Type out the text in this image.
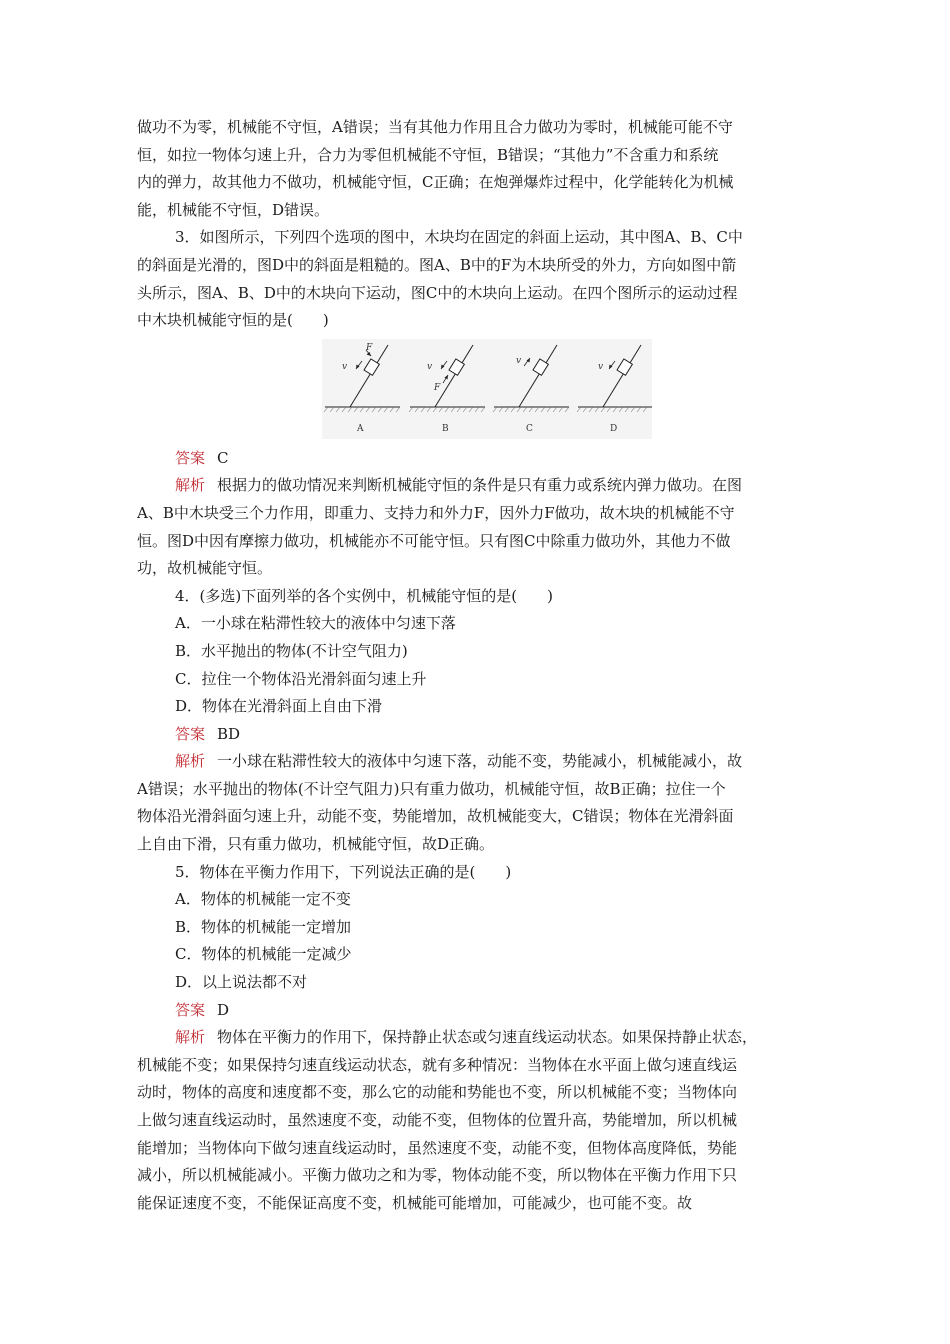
做功不为零，机械能不守恒，A错误；当有其他力作用且合力做功为零时，机械能可能不守
恒，如拉一物体匀速上升，合力为零但机械能不守恒，B错误；“其他力”不含重力和系统
内的弹力，故其他力不做功，机械能守恒，C正确；在炮弹爆炸过程中，化学能转化为机械
能，机械能不守恒，D错误。
3．如图所示，下列四个选项的图中，木块均在固定的斜面上运动，其中图A、B、C中
的斜面是光滑的，图D中的斜面是粗糙的。图A、B中的F为木块所受的外力，方向如图中箭
头所示，图A、B、D中的木块向下运动，图C中的木块向上运动。在四个图所示的运动过程
中木块机械能守恒的是(　　)
v
F
v
F
v
v
A	B	C	D
答案 C
解析 根据力的做功情况来判断机械能守恒的条件是只有重力或系统内弹力做功。在图
A、B中木块受三个力作用，即重力、支持力和外力F，因外力F做功，故木块的机械能不守
恒。图D中因有摩擦力做功，机械能亦不可能守恒。只有图C中除重力做功外，其他力不做
功，故机械能守恒。
4．(多选)下面列举的各个实例中，机械能守恒的是(　　)
A．一小球在粘滞性较大的液体中匀速下落
B．水平抛出的物体(不计空气阻力)
C．拉住一个物体沿光滑斜面匀速上升
D．物体在光滑斜面上自由下滑
答案 BD
解析 一小球在粘滞性较大的液体中匀速下落，动能不变，势能减小，机械能减小，故
A错误；水平抛出的物体(不计空气阻力)只有重力做功，机械能守恒，故B正确；拉住一个
物体沿光滑斜面匀速上升，动能不变，势能增加，故机械能变大，C错误；物体在光滑斜面
上自由下滑，只有重力做功，机械能守恒，故D正确。
5．物体在平衡力作用下，下列说法正确的是(　　)
A．物体的机械能一定不变
B．物体的机械能一定增加
C．物体的机械能一定减少
D．以上说法都不对
答案 D
解析 物体在平衡力的作用下，保持静止状态或匀速直线运动状态。如果保持静止状态，
机械能不变；如果保持匀速直线运动状态，就有多种情况：当物体在水平面上做匀速直线运
动时，物体的高度和速度都不变，那么它的动能和势能也不变，所以机械能不变；当物体向
上做匀速直线运动时，虽然速度不变，动能不变，但物体的位置升高，势能增加，所以机械
能增加；当物体向下做匀速直线运动时，虽然速度不变，动能不变，但物体高度降低，势能
减小，所以机械能减小。平衡力做功之和为零，物体动能不变，所以物体在平衡力作用下只
能保证速度不变，不能保证高度不变，机械能可能增加，可能减少，也可能不变。故
